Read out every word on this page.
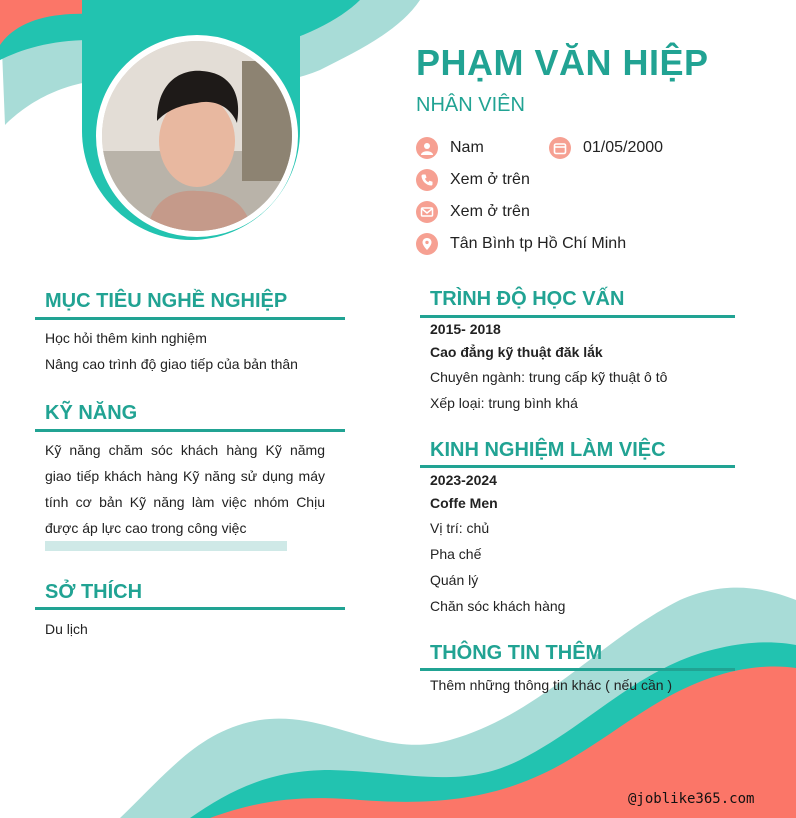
PHẠM VĂN HIỆP
NHÂN VIÊN
Nam	01/05/2000
Xem ở trên
Xem ở trên
Tân Bình tp Hồ Chí Minh
MỤC TIÊU NGHỀ NGHIỆP
Học hỏi thêm kinh nghiệm
Nâng cao trình độ giao tiếp của bản thân
KỸ NĂNG
Kỹ năng chăm sóc khách hàng Kỹ nămg giao tiếp khách hàng Kỹ năng sử dụng máy tính cơ bản Kỹ năng làm việc nhóm Chịu được áp lực cao trong công việc
SỞ THÍCH
Du lịch
TRÌNH ĐỘ HỌC VẤN
2015- 2018
Cao đẳng kỹ thuật đăk lắk
Chuyên ngành: trung cấp kỹ thuật ô tô
Xếp loại: trung bình khá
KINH NGHIỆM LÀM VIỆC
2023-2024
Coffe Men
Vị trí: chủ
Pha chế
Quán lý
Chăn sóc khách hàng
THÔNG TIN THÊM
Thêm những thông tin khác ( nếu cần )
@joblike365.com
